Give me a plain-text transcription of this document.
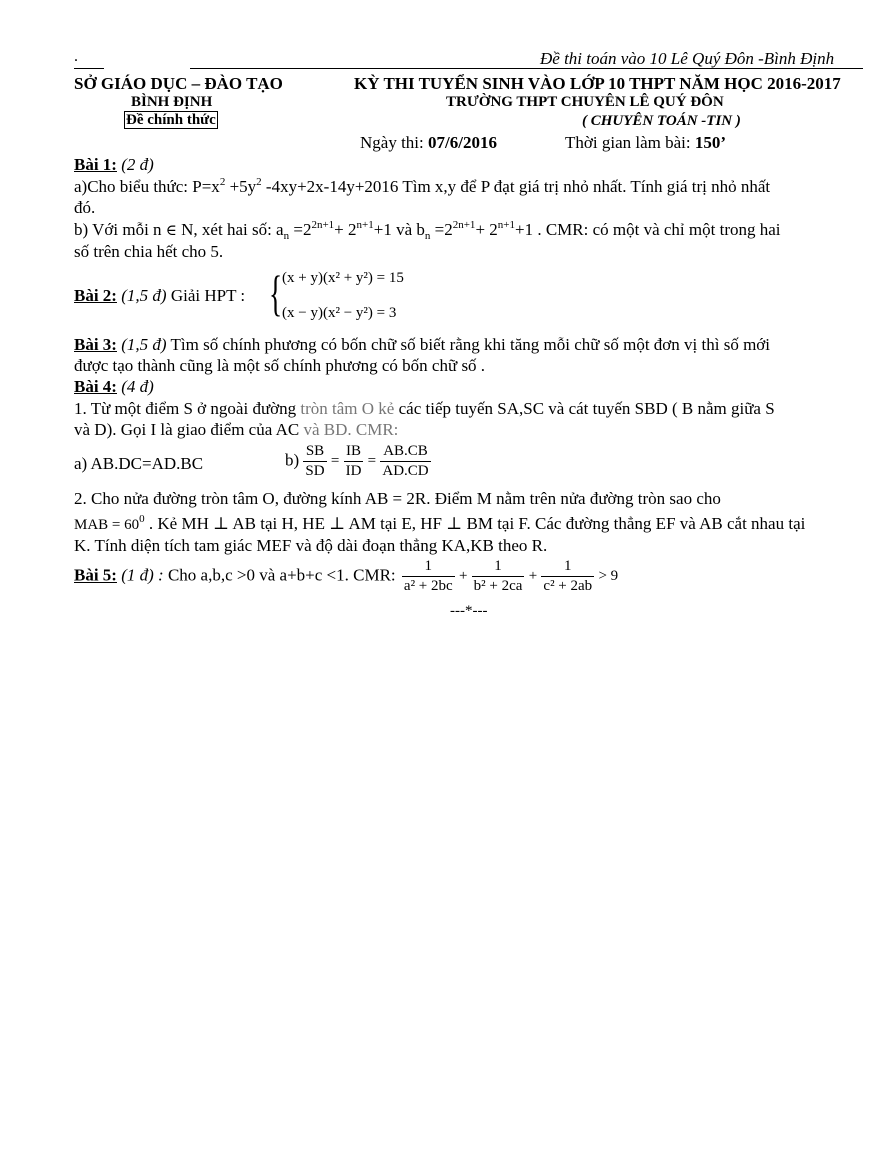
.	Đề thi toán vào 10 Lê Quý Đôn -Bình Định
SỞ GIÁO DỤC – ĐÀO TẠO
BÌNH ĐỊNH
Đề chính thức
KỲ THI TUYỂN SINH VÀO LỚP 10 THPT NĂM HỌC 2016-2017
TRƯỜNG THPT CHUYÊN LÊ QUÝ ĐÔN
( CHUYÊN TOÁN -TIN )
Ngày thi: 07/6/2016	Thời gian làm bài: 150’
Bài 1: (2 đ)
a)Cho biểu thức: $P=x^2 +5y^2$ -4xy+2x-14y+2016 Tìm x,y để P đạt giá trị nhỏ nhất. Tính giá trị nhỏ nhất
đó.
b) Với mỗi n ∈ N, xét hai số: $a_n =2^{2n+1}+ 2^{n+1}+1$ và $b_n =2^{2n+1}+ 2^{n+1}+1$ . CMR: có một và chỉ một trong hai
số trên chia hết cho 5.
Bài 2: (1,5 đ) Giải HPT : { (x + y)(x² + y²) = 15
(x − y)(x² − y²) = 3
Bài 3: (1,5 đ) Tìm số chính phương có bốn chữ số biết rằng khi tăng mỗi chữ số một đơn vị thì số mới
được tạo thành cũng là một số chính phương có bốn chữ số .
Bài 4: (4 đ)
1. Từ một điểm S ở ngoài đường tròn tâm O kẻ các tiếp tuyến SA,SC và cát tuyến SBD ( B nằm giữa S
và D). Gọi I là giao điểm của AC và BD. CMR:
a) AB.DC=AD.BC	$b) \frac{SB}{SD} = \frac{IB}{ID} = \frac{AB.CB}{AD.CD}$
2. Cho nửa đường tròn tâm O, đường kính AB = 2R. Điểm M nằm trên nửa đường tròn sao cho
MAB = $60^0$ . Kẻ MH ⊥ AB tại H, HE ⊥ AM tại E, HF ⊥ BM tại F. Các đường thẳng EF và AB cắt nhau tại
K. Tính diện tích tam giác MEF và độ dài đoạn thẳng KA,KB theo R.
Bài 5: (1 đ) : Cho a,b,c >0 và a+b+c <1. CMR: $\frac{1}{\text{a² + 2bc}} + \frac{1}{\text{b² + 2ca}} + \frac{1}{\text{c² + 2ab}} > 9$
---*---
